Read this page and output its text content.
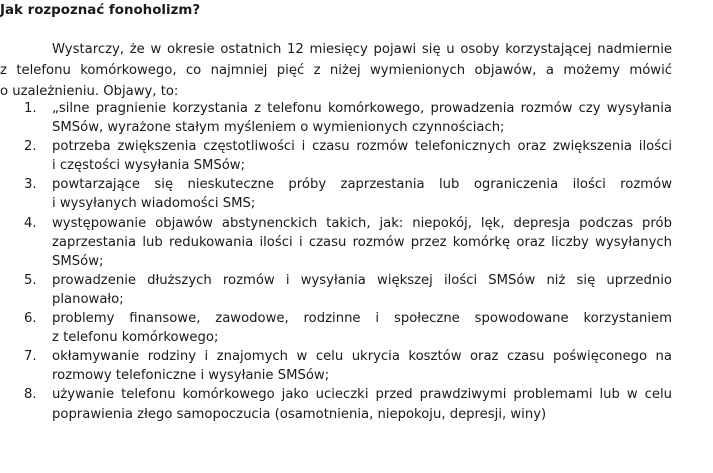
Jak rozpoznać fonoholizm?
Wystarczy, że w okresie ostatnich 12 miesięcy pojawi się u osoby korzystającej nadmiernie
z telefonu komórkowego, co najmniej pięć z niżej wymienionych objawów, a możemy mówić
o uzależnieniu. Objawy, to:
1.	„silne pragnienie korzystania z telefonu komórkowego, prowadzenia rozmów czy wysyłania
SMSów, wyrażone stałym myśleniem o wymienionych czynnościach;
2.	potrzeba zwiększenia częstotliwości i czasu rozmów telefonicznych oraz zwiększenia ilości
i częstości wysyłania SMSów;
3.	powtarzające się nieskuteczne próby zaprzestania lub ograniczenia ilości rozmów
i wysyłanych wiadomości SMS;
4.	występowanie objawów abstynenckich takich, jak: niepokój, lęk, depresja podczas prób
zaprzestania lub redukowania ilości i czasu rozmów przez komórkę oraz liczby wysyłanych
SMSów;
5.	prowadzenie dłuższych rozmów i wysyłania większej ilości SMSów niż się uprzednio
planowało;
6.	problemy finansowe, zawodowe, rodzinne i społeczne spowodowane korzystaniem
z telefonu komórkowego;
7.	okłamywanie rodziny i znajomych w celu ukrycia kosztów oraz czasu poświęconego na
rozmowy telefoniczne i wysyłanie SMSów;
8.	używanie telefonu komórkowego jako ucieczki przed prawdziwymi problemami lub w celu
poprawienia złego samopoczucia (osamotnienia, niepokoju, depresji, winy)
